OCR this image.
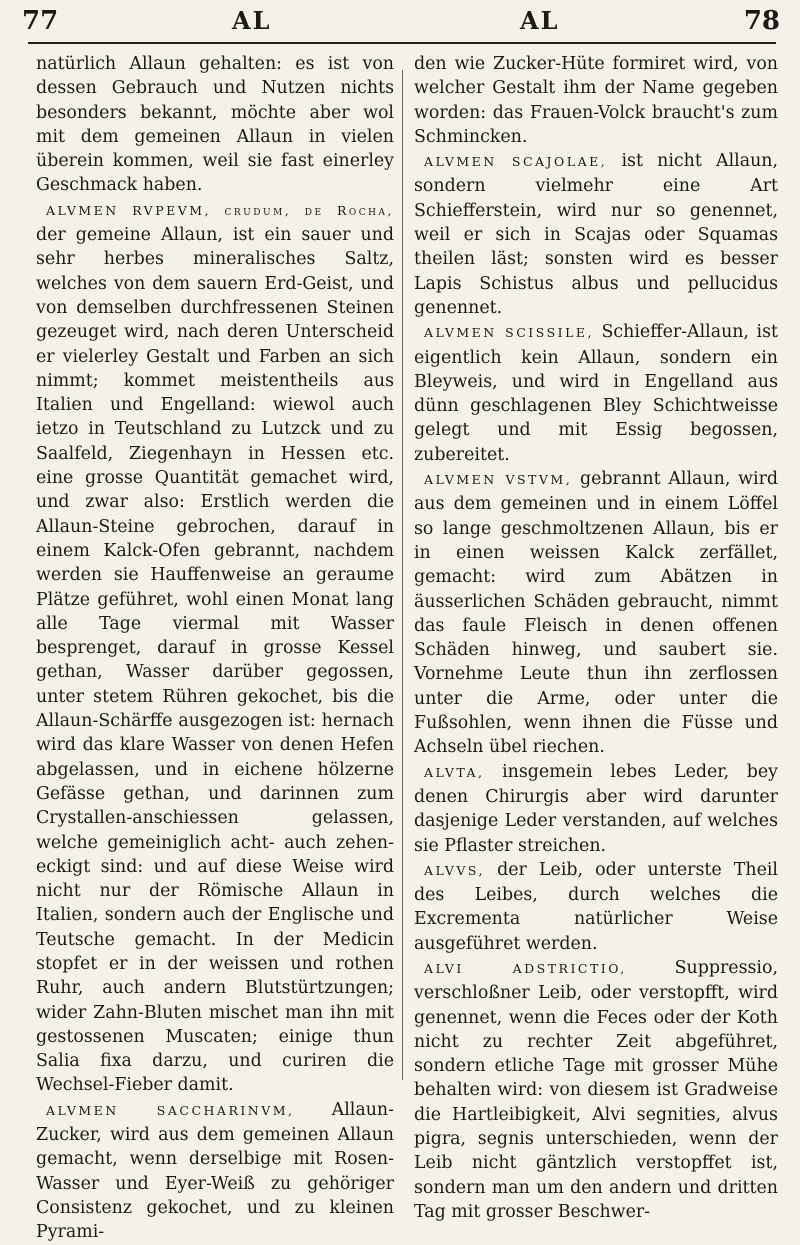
77	AL	AL	78

natürlich Allaun gehalten: es ist von dessen Gebrauch und Nutzen nichts besonders bekannt, möchte aber wol mit dem gemeinen Allaun in vielen überein kommen, weil sie fast einerley Geschmack haben.

ALVMEN RVPEVM, crudum, de Rocha, der gemeine Allaun, ist ein sauer und sehr herbes mineralisches Saltz, welches von dem sauern Erd-Geist, und von demselben durchfressenen Steinen gezeuget wird, nach deren Unterscheid er vielerley Gestalt und Farben an sich nimmt; kommet meistentheils aus Italien und Engelland: wiewol auch ietzo in Teutschland zu Lutzck und zu Saalfeld, Ziegenhayn in Hessen etc. eine grosse Quantität gemachet wird, und zwar also: Erstlich werden die Allaun-Steine gebrochen, darauf in einem Kalck-Ofen gebrannt, nachdem werden sie Hauffenweise an geraume Plätze geführet, wohl einen Monat lang alle Tage viermal mit Wasser besprenget, darauf in grosse Kessel gethan, Wasser darüber gegossen, unter stetem Rühren gekochet, bis die Allaun-Schärffe ausgezogen ist: hernach wird das klare Wasser von denen Hefen abgelassen, und in eichene hölzerne Gefässe gethan, und darinnen zum Crystallen-anschiessen gelassen, welche gemeiniglich acht- auch zehen-eckigt sind: und auf diese Weise wird nicht nur der Römische Allaun in Italien, sondern auch der Englische und Teutsche gemacht. In der Medicin stopfet er in der weissen und rothen Ruhr, auch andern Blutstürtzungen; wider Zahn-Bluten mischet man ihn mit gestossenen Muscaten; einige thun Salia fixa darzu, und curiren die Wechsel-Fieber damit.

ALVMEN SACCHARINVM, Allaun-Zucker, wird aus dem gemeinen Allaun gemacht, wenn derselbige mit Rosen-Wasser und Eyer-Weiß zu gehöriger Consistenz gekochet, und zu kleinen Pyrami-

den wie Zucker-Hüte formiret wird, von welcher Gestalt ihm der Name gegeben worden: das Frauen-Volck braucht's zum Schmincken.

ALVMEN SCAJOLAE, ist nicht Allaun, sondern vielmehr eine Art Schiefferstein, wird nur so genennet, weil er sich in Scajas oder Squamas theilen läst; sonsten wird es besser Lapis Schistus albus und pellucidus genennet.

ALVMEN SCISSILE, Schieffer-Allaun, ist eigentlich kein Allaun, sondern ein Bleyweis, und wird in Engelland aus dünn geschlagenen Bley Schichtweisse gelegt und mit Essig begossen, zubereitet.

ALVMEN VSTVM, gebrannt Allaun, wird aus dem gemeinen und in einem Löffel so lange geschmoltzenen Allaun, bis er in einen weissen Kalck zerfället, gemacht: wird zum Abätzen in äusserlichen Schäden gebraucht, nimmt das faule Fleisch in denen offenen Schäden hinweg, und saubert sie. Vornehme Leute thun ihn zerflossen unter die Arme, oder unter die Fußsohlen, wenn ihnen die Füsse und Achseln übel riechen.

ALVTA, insgemein lebes Leder, bey denen Chirurgis aber wird darunter dasjenige Leder verstanden, auf welches sie Pflaster streichen.

ALVVS, der Leib, oder unterste Theil des Leibes, durch welches die Excrementa natürlicher Weise ausgeführet werden.

ALVI ADSTRICTIO,	Suppressio, verschloßner Leib, oder verstopfft, wird genennet, wenn die Feces oder der Koth nicht zu rechter Zeit abgeführet, sondern etliche Tage mit grosser Mühe behalten wird: von diesem ist Gradweise die Hartleibigkeit, Alvi segnities, alvus pigra, segnis unterschieden, wenn der Leib nicht gäntzlich verstopffet ist, sondern man um den andern und dritten Tag mit grosser Beschwer-
